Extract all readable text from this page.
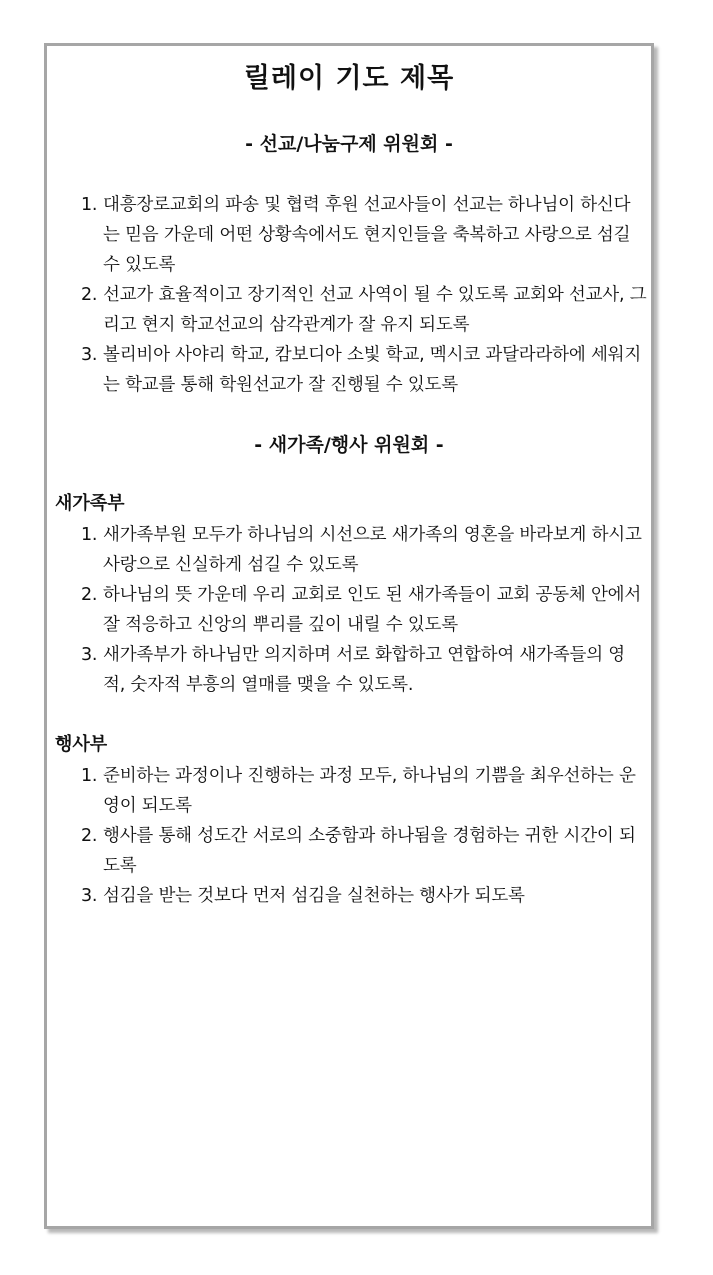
릴레이 기도 제목
- 선교/나눔구제 위원회 -
1. 대흥장로교회의 파송 및 협력 후원 선교사들이 선교는 하나님이 하신다는 믿음 가운데 어떤 상황속에서도 현지인들을 축복하고 사랑으로 섬길 수 있도록
2. 선교가 효율적이고 장기적인 선교 사역이 될 수 있도록 교회와 선교사, 그리고 현지 학교선교의 삼각관계가 잘 유지 되도록
3. 볼리비아 사야리 학교, 캄보디아 소빛 학교, 멕시코 과달라라하에 세워지는 학교를 통해 학원선교가 잘 진행될 수 있도록
- 새가족/행사 위원회 -
새가족부
1. 새가족부원 모두가 하나님의 시선으로 새가족의 영혼을 바라보게 하시고 사랑으로 신실하게 섬길 수 있도록
2. 하나님의 뜻 가운데 우리 교회로 인도 된 새가족들이 교회 공동체 안에서 잘 적응하고 신앙의 뿌리를 깊이 내릴 수 있도록
3. 새가족부가 하나님만 의지하며 서로 화합하고 연합하여 새가족들의 영적, 숫자적 부흥의 열매를 맺을 수 있도록.
행사부
1. 준비하는 과정이나 진행하는 과정 모두, 하나님의 기쁨을 최우선하는 운영이 되도록
2. 행사를 통해 성도간 서로의 소중함과 하나됨을 경험하는 귀한 시간이 되도록
3. 섬김을 받는 것보다 먼저 섬김을 실천하는 행사가 되도록
